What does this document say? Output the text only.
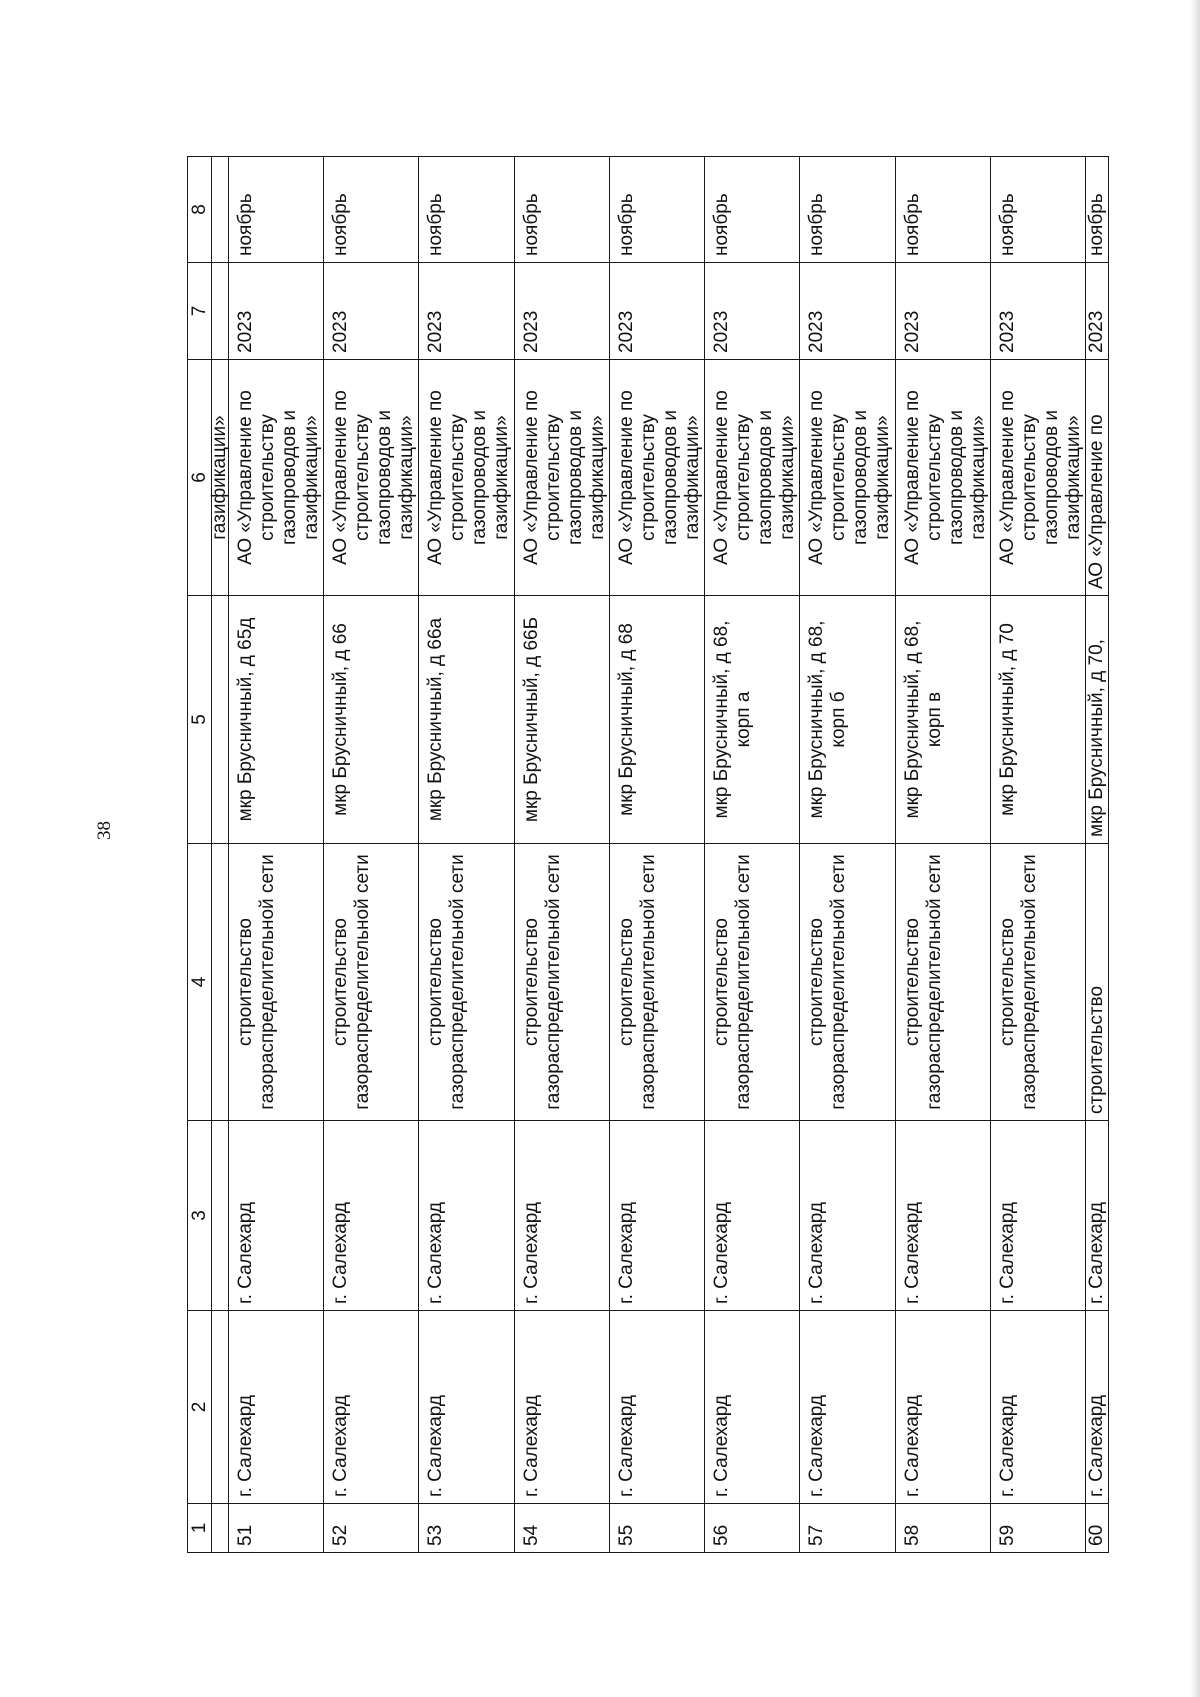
38
1	2	3	4	5	6	7	8
					газификации»		
51	г. Салехард	г. Салехард	строительство газораспределительной сети	мкр Брусничный, д 65д	АО «Управление по строительству газопроводов и газификации»	2023	ноябрь
52	г. Салехард	г. Салехард	строительство газораспределительной сети	мкр Брусничный, д 66	АО «Управление по строительству газопроводов и газификации»	2023	ноябрь
53	г. Салехард	г. Салехард	строительство газораспределительной сети	мкр Брусничный, д 66а	АО «Управление по строительству газопроводов и газификации»	2023	ноябрь
54	г. Салехард	г. Салехард	строительство газораспределительной сети	мкр Брусничный, д 66Б	АО «Управление по строительству газопроводов и газификации»	2023	ноябрь
55	г. Салехард	г. Салехард	строительство газораспределительной сети	мкр Брусничный, д 68	АО «Управление по строительству газопроводов и газификации»	2023	ноябрь
56	г. Салехард	г. Салехард	строительство газораспределительной сети	мкр Брусничный, д 68, корп а	АО «Управление по строительству газопроводов и газификации»	2023	ноябрь
57	г. Салехард	г. Салехард	строительство газораспределительной сети	мкр Брусничный, д 68, корп б	АО «Управление по строительству газопроводов и газификации»	2023	ноябрь
58	г. Салехард	г. Салехард	строительство газораспределительной сети	мкр Брусничный, д 68, корп в	АО «Управление по строительству газопроводов и газификации»	2023	ноябрь
59	г. Салехард	г. Салехард	строительство газораспределительной сети	мкр Брусничный, д 70	АО «Управление по строительству газопроводов и газификации»	2023	ноябрь
60	г. Салехард	г. Салехард	строительство	мкр Брусничный, д 70,	АО «Управление по	2023	ноябрь
